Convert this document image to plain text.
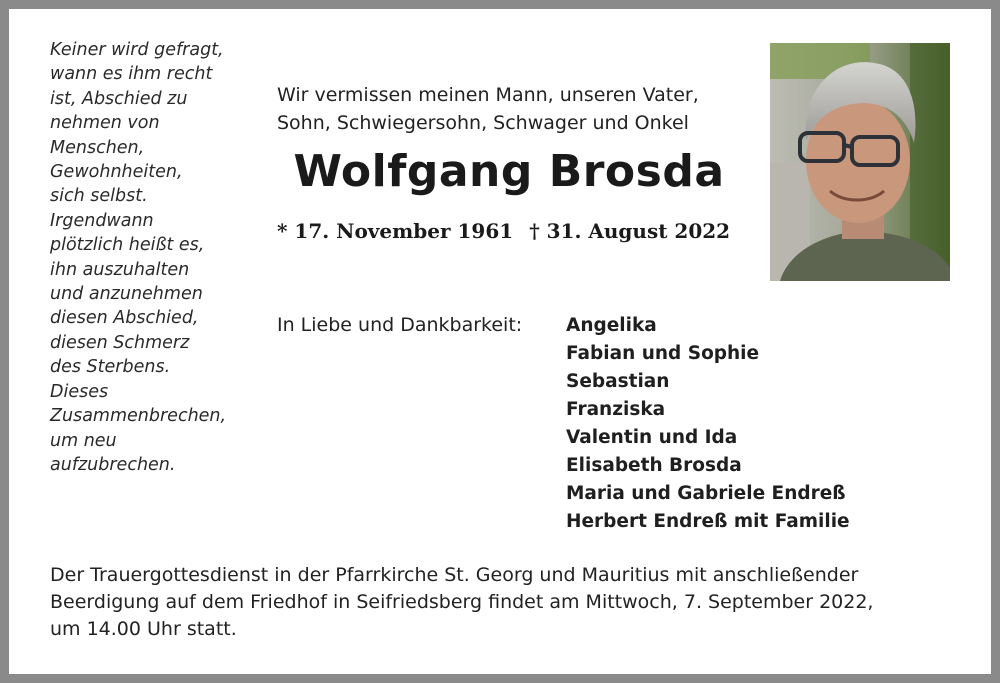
Keiner wird gefragt,
wann es ihm recht
ist, Abschied zu
nehmen von
Menschen,
Gewohnheiten,
sich selbst.
Irgendwann
plötzlich heißt es,
ihn auszuhalten
und anzunehmen
diesen Abschied,
diesen Schmerz
des Sterbens.
Dieses
Zusammenbrechen,
um neu
aufzubrechen.
Wir vermissen meinen Mann, unseren Vater,
Sohn, Schwiegersohn, Schwager und Onkel
Wolfgang Brosda
* 17. November 1961 † 31. August 2022
In Liebe und Dankbarkeit: Angelika
Fabian und Sophie
Sebastian
Franziska
Valentin und Ida
Elisabeth Brosda
Maria und Gabriele Endreß
Herbert Endreß mit Familie
Der Trauergottesdienst in der Pfarrkirche St. Georg und Mauritius mit anschließender
Beerdigung auf dem Friedhof in Seifriedsberg findet am Mittwoch, 7. September 2022,
um 14.00 Uhr statt.
